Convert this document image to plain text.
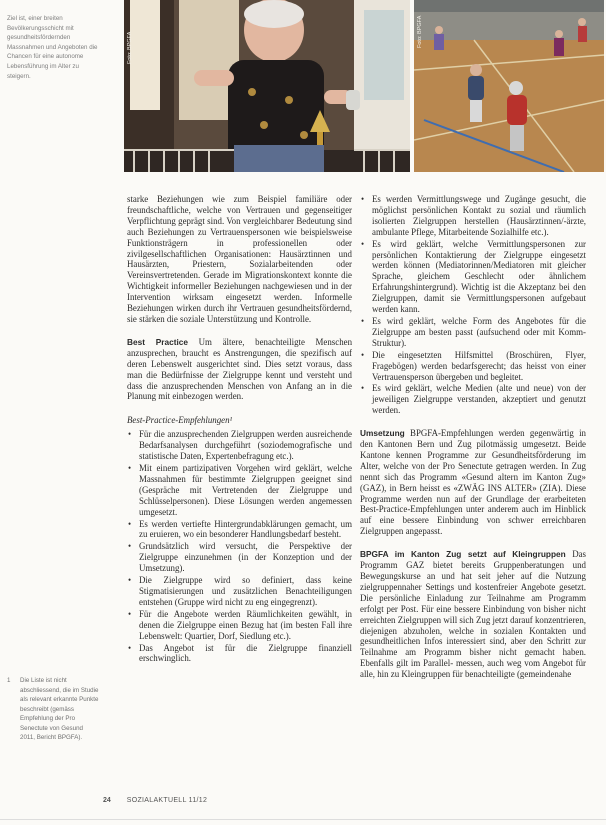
Ziel ist, einer breiten Bevölkerungsschicht mit gesundheitsfördernden Massnahmen und Angeboten die Chancen für eine autonome Lebensführung im Alter zu steigern.

Foto: BPGFA	Foto: BPGFA

starke Beziehungen wie zum Beispiel familiäre oder freundschaftliche, welche von Vertrauen und gegenseitiger Verpflichtung geprägt sind. Von vergleichbarer Bedeutung sind auch Beziehungen zu Vertrauenspersonen wie beispielsweise Funktionsträgern in professionellen oder zivilgesellschaftlichen Organisationen: Hausärztinnen und Hausärzten, Priestern, Sozialarbeitenden oder Vereinsvertretenden. Gerade im Migrationskontext konnte die Wichtigkeit informeller Beziehungen nachgewiesen und in der Intervention wirksam eingesetzt werden. Informelle Beziehungen wirken durch ihr Vertrauen gesundheitsfördernd, sie stärken die soziale Unterstützung und Kontrolle.

Best Practice Um ältere, benachteiligte Menschen anzusprechen, braucht es Anstrengungen, die spezifisch auf deren Lebenswelt ausgerichtet sind. Dies setzt voraus, dass man die Bedürfnisse der Zielgruppe kennt und versteht und dass die anzusprechenden Menschen von Anfang an in die Planung mit einbezogen werden.

Best-Practice-Empfehlungen¹

• Für die anzusprechenden Zielgruppen werden ausreichende Bedarfsanalysen durchgeführt (soziodemografische und statistische Daten, Expertenbefragung etc.).
• Mit einem partizipativen Vorgehen wird geklärt, welche Massnahmen für bestimmte Zielgruppen geeignet sind (Gespräche mit Vertretenden der Zielgruppe und Schlüsselpersonen). Diese Lösungen werden angemessen umgesetzt.
• Es werden vertiefte Hintergrundabklärungen gemacht, um zu eruieren, wo ein besonderer Handlungsbedarf besteht.
• Grundsätzlich wird versucht, die Perspektive der Zielgruppe einzunehmen (in der Konzeption und der Umsetzung).
• Die Zielgruppe wird so definiert, dass keine Stigmatisierungen und zusätzlichen Benachteiligungen entstehen (Gruppe wird nicht zu eng eingegrenzt).
• Für die Angebote werden Räumlichkeiten gewählt, in denen die Zielgruppe einen Bezug hat (im besten Fall ihre Lebenswelt: Quartier, Dorf, Siedlung etc.).
• Das Angebot ist für die Zielgruppe finanziell erschwinglich.
• Es werden Vermittlungswege und Zugänge gesucht, die möglichst persönlichen Kontakt zu sozial und räumlich isolierten Zielgruppen herstellen (Hausärztinnen/-ärzte, ambulante Pflege, Mitarbeitende Sozialhilfe etc.).
• Es wird geklärt, welche Vermittlungspersonen zur persönlichen Kontaktierung der Zielgruppe eingesetzt werden können (Mediatorinnen/Mediatoren mit gleicher Sprache, gleichem Geschlecht oder ähnlichem Erfahrungshintergrund). Wichtig ist die Akzeptanz bei den Zielgruppen, damit sie Vermittlungspersonen aufgebaut werden kann.
• Es wird geklärt, welche Form des Angebotes für die Zielgruppe am besten passt (aufsuchend oder mit Komm-Struktur).
• Die eingesetzten Hilfsmittel (Broschüren, Flyer, Fragebögen) werden bedarfsgerecht; das heisst von einer Vertrauensperson übergeben und begleitet.
• Es wird geklärt, welche Medien (alte und neue) von der jeweiligen Zielgruppe verstanden, akzeptiert und genutzt werden.

Umsetzung BPGFA-Empfehlungen werden gegenwärtig in den Kantonen Bern und Zug pilotmässig umgesetzt. Beide Kantone kennen Programme zur Gesundheitsförderung im Alter, welche von der Pro Senectute getragen werden. In Zug nennt sich das Programm «Gesund altern im Kanton Zug» (GAZ), in Bern heisst es «ZWÄG INS ALTER» (ZIA). Diese Programme werden nun auf der Grundlage der erarbeiteten Best-Practice-Empfehlungen unter anderem auch im Hinblick auf eine bessere Einbindung von schwer erreichbaren Zielgruppen angepasst.

BPGFA im Kanton Zug setzt auf Kleingruppen Das Programm GAZ bietet bereits Gruppenberatungen und Bewegungskurse an und hat seit jeher auf die Nutzung zielgruppennaher Settings und kostenfreier Angebote gesetzt. Die persönliche Einladung zur Teilnahme am Programm erfolgt per Post. Für eine bessere Einbindung von bisher nicht erreichten Zielgruppen will sich Zug jetzt darauf konzentrieren, diejenigen abzuholen, welche in sozialen Kontakten und gesundheitlichen Infos interessiert sind, aber den Schritt zur Teilnahme am Programm bisher nicht gemacht haben. Ebenfalls gilt im Parallel- messen, auch weg vom Angebot für alle, hin zu Kleingruppen für benachteiligte (gemeindenahe

1 Die Liste ist nicht abschliessend, die im Studie als relevant erkannte Punkte beschreibt (gemäss Empfehlung der Pro Senectute von Gesund 2011, Bericht BPGFA).
24 SOZIALAKTUELL 11/12
